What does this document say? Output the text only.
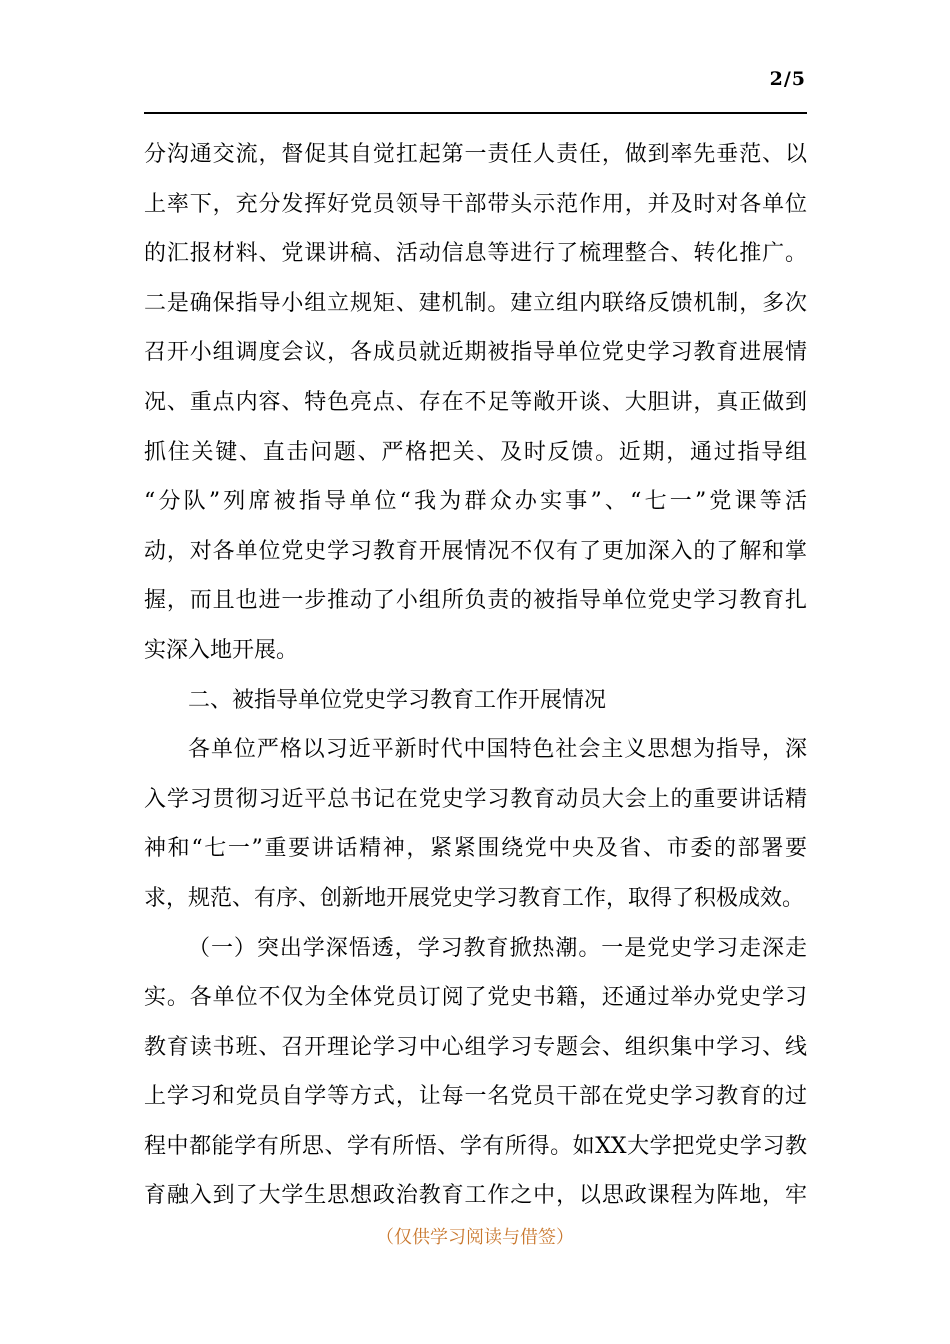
2/5
分沟通交流，督促其自觉扛起第一责任人责任，做到率先垂范、以
上率下，充分发挥好党员领导干部带头示范作用，并及时对各单位
的汇报材料、党课讲稿、活动信息等进行了梳理整合、转化推广。
二是确保指导小组立规矩、建机制。建立组内联络反馈机制，多次
召开小组调度会议，各成员就近期被指导单位党史学习教育进展情
况、重点内容、特色亮点、存在不足等敞开谈、大胆讲，真正做到
抓住关键、直击问题、严格把关、及时反馈。近期，通过指导组
“分队”列席被指导单位“我为群众办实事”、“七一”党课等活
动，对各单位党史学习教育开展情况不仅有了更加深入的了解和掌
握，而且也进一步推动了小组所负责的被指导单位党史学习教育扎
实深入地开展。
二、被指导单位党史学习教育工作开展情况
各单位严格以习近平新时代中国特色社会主义思想为指导，深
入学习贯彻习近平总书记在党史学习教育动员大会上的重要讲话精
神和“七一”重要讲话精神，紧紧围绕党中央及省、市委的部署要
求，规范、有序、创新地开展党史学习教育工作，取得了积极成效。
（一）突出学深悟透，学习教育掀热潮。一是党史学习走深走
实。各单位不仅为全体党员订阅了党史书籍，还通过举办党史学习
教育读书班、召开理论学习中心组学习专题会、组织集中学习、线
上学习和党员自学等方式，让每一名党员干部在党史学习教育的过
程中都能学有所思、学有所悟、学有所得。如XX大学把党史学习教
育融入到了大学生思想政治教育工作之中，以思政课程为阵地，牢
（仅供学习阅读与借签）
